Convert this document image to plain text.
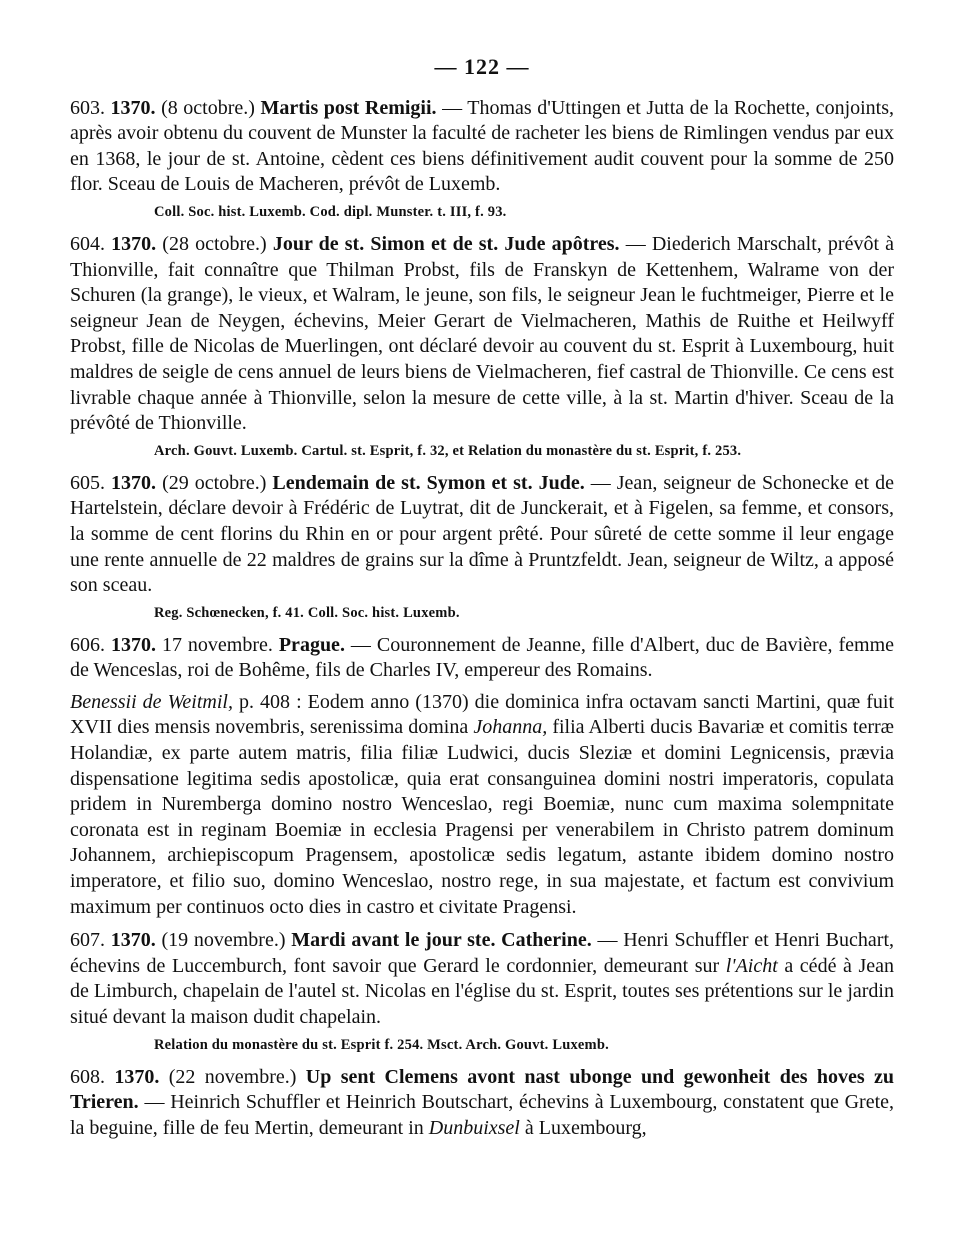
— 122 —

603. 1370. (8 octobre.) Martis post Remigii. — Thomas d'Uttingen et Jutta de la Rochette, conjoints, après avoir obtenu du couvent de Munster la faculté de racheter les biens de Rimlingen vendus par eux en 1368, le jour de st. Antoine, cèdent ces biens définitivement audit couvent pour la somme de 250 flor. Sceau de Louis de Macheren, prévôt de Luxemb.

Coll. Soc. hist. Luxemb. Cod. dipl. Munster. t. III, f. 93.

604. 1370. (28 octobre.) Jour de st. Simon et de st. Jude apôtres. — Diederich Marschalt, prévôt à Thionville, fait connaître que Thilman Probst, fils de Franskyn de Kettenhem, Walrame von der Schuren (la grange), le vieux, et Walram, le jeune, son fils, le seigneur Jean le fuchtmeiger, Pierre et le seigneur Jean de Neygen, échevins, Meier Gerart de Vielmacheren, Mathis de Ruithe et Heilwyff Probst, fille de Nicolas de Muerlingen, ont déclaré devoir au couvent du st. Esprit à Luxembourg, huit maldres de seigle de cens annuel de leurs biens de Vielmacheren, fief castral de Thionville. Ce cens est livrable chaque année à Thionville, selon la mesure de cette ville, à la st. Martin d'hiver. Sceau de la prévôté de Thionville.

Arch. Gouvt. Luxemb. Cartul. st. Esprit, f. 32, et Relation du monastère du st. Esprit, f. 253.

605. 1370. (29 octobre.) Lendemain de st. Symon et st. Jude. — Jean, seigneur de Schonecke et de Hartelstein, déclare devoir à Frédéric de Luytrat, dit de Junckerait, et à Figelen, sa femme, et consors, la somme de cent florins du Rhin en or pour argent prêté. Pour sûreté de cette somme il leur engage une rente annuelle de 22 maldres de grains sur la dîme à Pruntzfeldt. Jean, seigneur de Wiltz, a apposé son sceau.

Reg. Schœnecken, f. 41. Coll. Soc. hist. Luxemb.

606. 1370. 17 novembre. Prague. — Couronnement de Jeanne, fille d'Albert, duc de Bavière, femme de Wenceslas, roi de Bohême, fils de Charles IV, empereur des Romains.

Benessii de Weitmil, p. 408 : Eodem anno (1370) die dominica infra octavam sancti Martini, quæ fuit XVII dies mensis novembris, serenissima domina Johanna, filia Alberti ducis Bavariæ et comitis terræ Holandiæ, ex parte autem matris, filia filiæ Ludwici, ducis Sleziæ et domini Legnicensis, prævia dispensatione legitima sedis apostolicæ, quia erat consanguinea domini nostri imperatoris, copulata pridem in Nuremberga domino nostro Wenceslao, regi Boemiæ, nunc cum maxima solempnitate coronata est in reginam Boemiæ in ecclesia Pragensi per venerabilem in Christo patrem dominum Johannem, archiepiscopum Pragensem, apostolicæ sedis legatum, astante ibidem domino nostro imperatore, et filio suo, domino Wenceslao, nostro rege, in sua majestate, et factum est convivium maximum per continuos octo dies in castro et civitate Pragensi.

607. 1370. (19 novembre.) Mardi avant le jour ste. Catherine. — Henri Schuffler et Henri Buchart, échevins de Luccemburch, font savoir que Gerard le cordonnier, demeurant sur l'Aicht a cédé à Jean de Limburch, chapelain de l'autel st. Nicolas en l'église du st. Esprit, toutes ses prétentions sur le jardin situé devant la maison dudit chapelain.

Relation du monastère du st. Esprit f. 254. Msct. Arch. Gouvt. Luxemb.

608. 1370. (22 novembre.) Up sent Clemens avont nast ubonge und gewonheit des hoves zu Trieren. — Heinrich Schuffler et Heinrich Boutschart, échevins à Luxembourg, constatent que Grete, la beguine, fille de feu Mertin, demeurant in Dunbuixsel à Luxembourg,
